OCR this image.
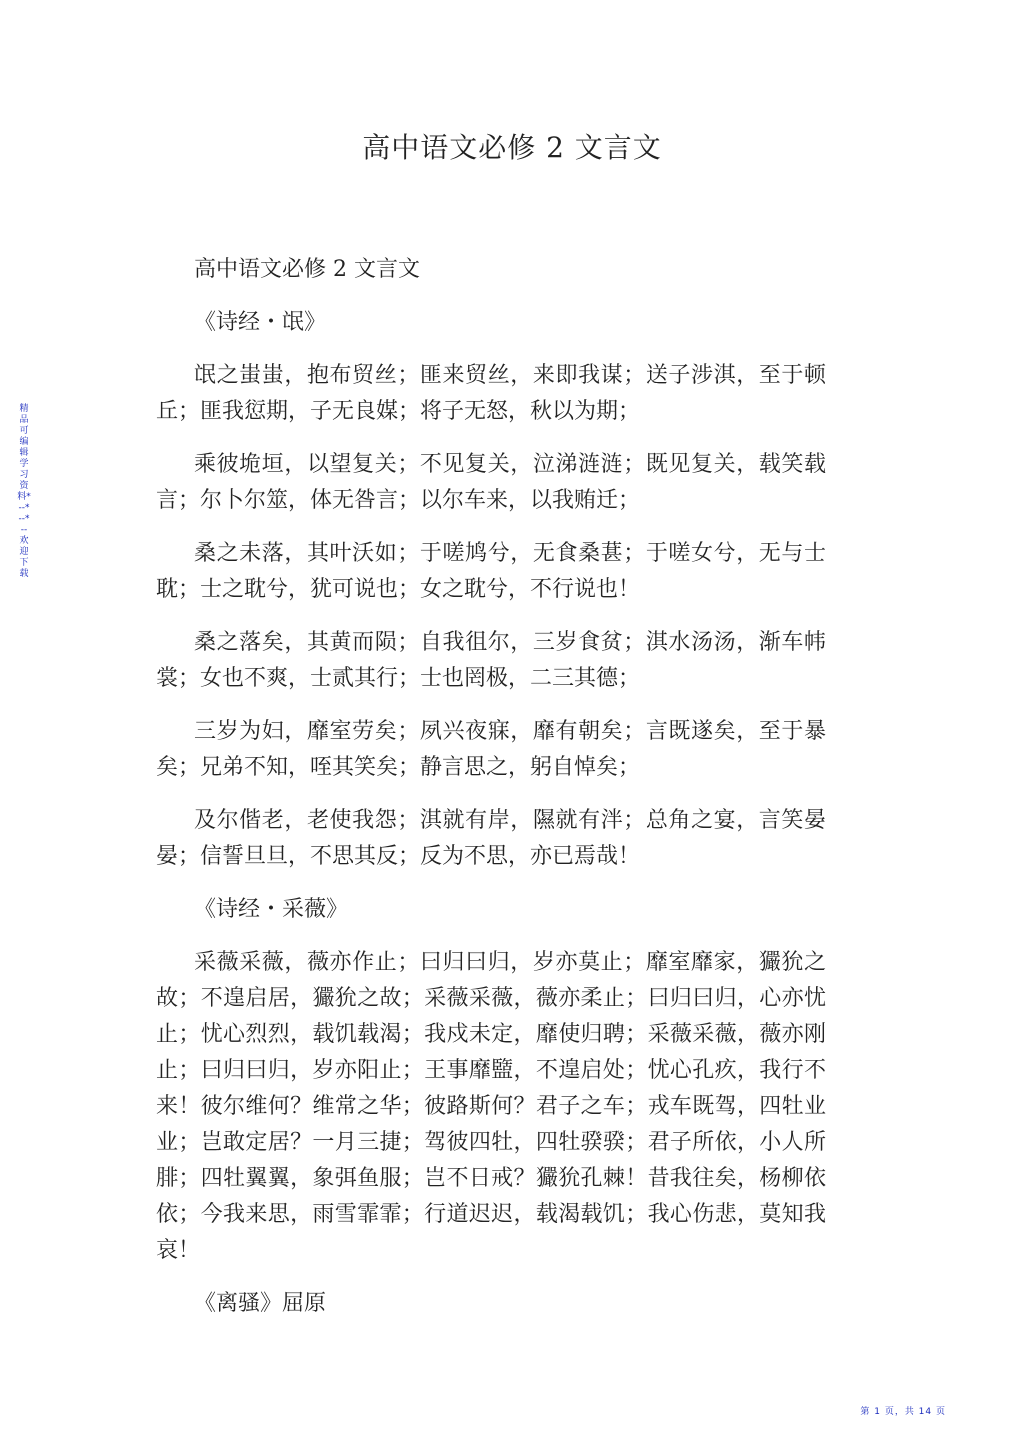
高中语文必修 2 文言文
精品可编辑学习资料*--*--*--欢迎下载

高中语文必修 2 文言文

《诗经・氓》

氓之蚩蚩，抱布贸丝；匪来贸丝，来即我谋；送子涉淇，至于顿丘；匪我愆期，子无良媒；将子无怒，秋以为期；

乘彼垝垣，以望复关；不见复关，泣涕涟涟；既见复关，载笑载言；尔卜尔筮，体无咎言；以尔车来，以我贿迁；

桑之未落，其叶沃如；于嗟鸠兮，无食桑葚；于嗟女兮，无与士耽；士之耽兮，犹可说也；女之耽兮，不行说也！

桑之落矣，其黄而陨；自我徂尔，三岁食贫；淇水汤汤，渐车帏裳；女也不爽，士贰其行；士也罔极，二三其德；

三岁为妇，靡室劳矣；夙兴夜寐，靡有朝矣；言既遂矣，至于暴矣；兄弟不知，咥其笑矣；静言思之，躬自悼矣；

及尔偕老，老使我怨；淇就有岸，隰就有泮；总角之宴，言笑晏晏；信誓旦旦，不思其反；反为不思，亦已焉哉！

《诗经・采薇》

采薇采薇，薇亦作止；曰归曰归，岁亦莫止；靡室靡家，玁狁之故；不遑启居，玁狁之故；采薇采薇，薇亦柔止；曰归曰归，心亦忧止；忧心烈烈，载饥载渴；我戍未定，靡使归聘；采薇采薇，薇亦刚止；曰归曰归，岁亦阳止；王事靡盬，不遑启处；忧心孔疚，我行不来！彼尔维何？维常之华；彼路斯何？君子之车；戎车既驾，四牡业业；岂敢定居？一月三捷；驾彼四牡，四牡骙骙；君子所依，小人所腓；四牡翼翼，象弭鱼服；岂不日戒？玁狁孔棘！昔我往矣，杨柳依依；今我来思，雨雪霏霏；行道迟迟，载渴载饥；我心伤悲，莫知我哀！

《离骚》屈原

第 1 页，共 14 页
